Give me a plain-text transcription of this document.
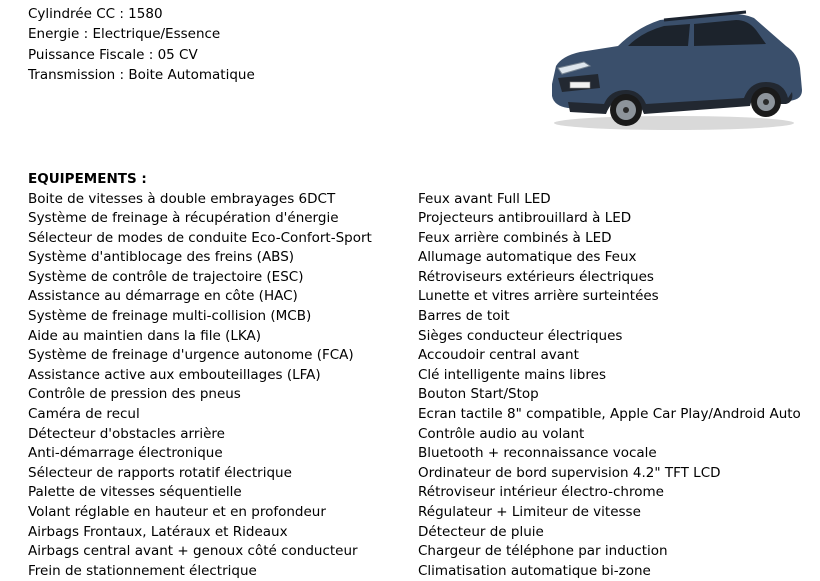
Cylindrée CC : 1580
Energie : Electrique/Essence
Puissance Fiscale : 05 CV
Transmission : Boite Automatique
EQUIPEMENTS :
Boite de vitesses à double embrayages 6DCT
Système de freinage à récupération d'énergie
Sélecteur de modes de conduite Eco-Confort-Sport
Système d'antiblocage des freins (ABS)
Système de contrôle de trajectoire (ESC)
Assistance au démarrage en côte (HAC)
Système de freinage multi-collision (MCB)
Aide au maintien dans la file (LKA)
Système de freinage d'urgence autonome (FCA)
Assistance active aux embouteillages (LFA)
Contrôle de pression des pneus
Caméra de recul
Détecteur d'obstacles arrière
Anti-démarrage électronique
Sélecteur de rapports rotatif électrique
Palette de vitesses séquentielle
Volant réglable en hauteur et en profondeur
Airbags Frontaux, Latéraux et Rideaux
Airbags central avant + genoux côté conducteur
Frein de stationnement électrique
Feux avant Full LED
Projecteurs antibrouillard à LED
Feux arrière combinés à LED
Allumage automatique des Feux
Rétroviseurs extérieurs électriques
Lunette et vitres arrière surteintées
Barres de toit
Sièges conducteur électriques
Accoudoir central avant
Clé intelligente mains libres
Bouton Start/Stop
Ecran tactile 8" compatible, Apple Car Play/Android Auto
Contrôle audio au volant
Bluetooth + reconnaissance vocale
Ordinateur de bord supervision 4.2" TFT LCD
Rétroviseur intérieur électro-chrome
Régulateur + Limiteur de vitesse
Détecteur de pluie
Chargeur de téléphone par induction
Climatisation automatique bi-zone
